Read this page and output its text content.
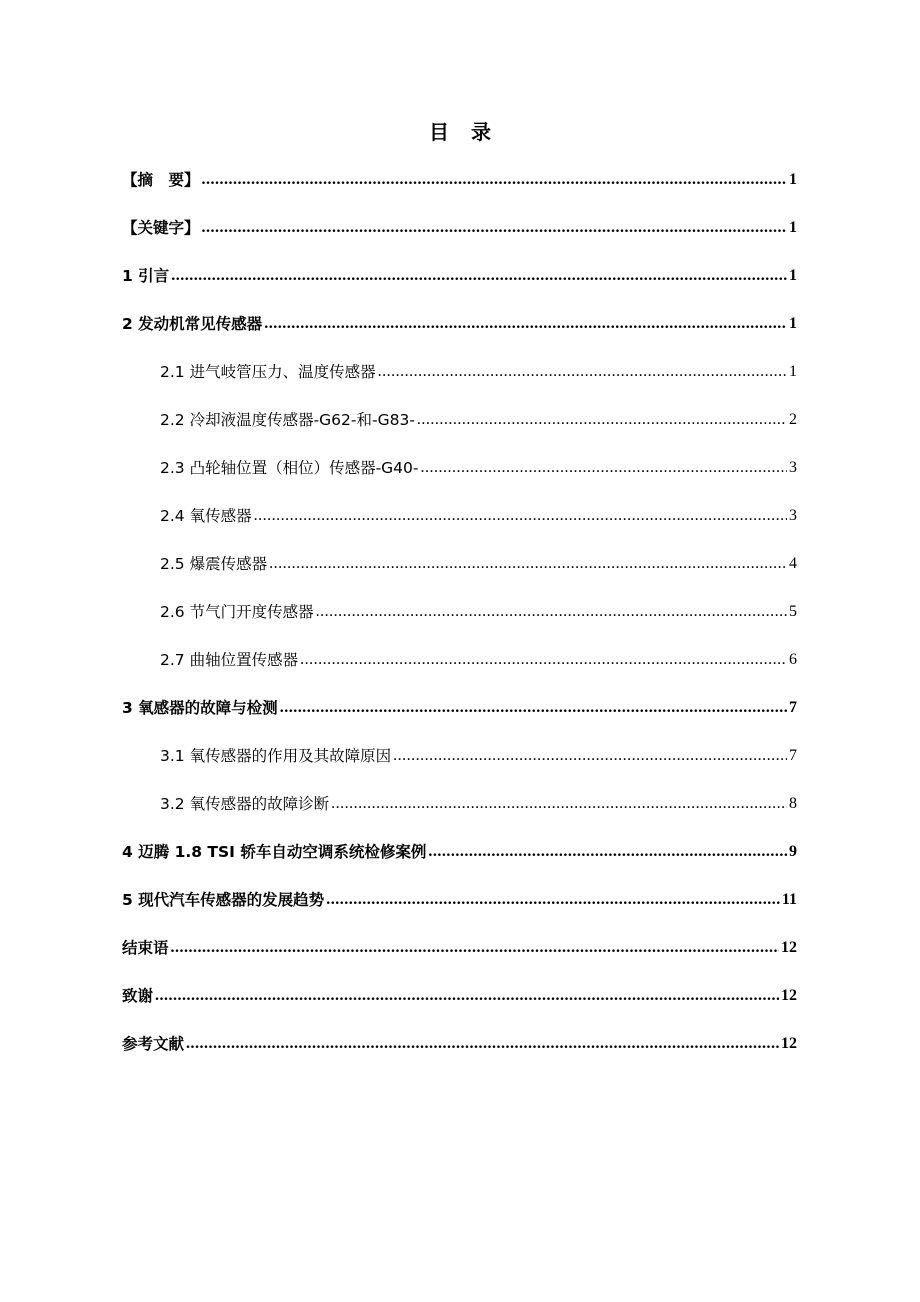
目 录
【摘　要】 .....	1
【关键字】 .....	1
1 引言 .....	1
2 发动机常见传感器 .....	1
2.1 进气岐管压力、温度传感器 .....	1
2.2 冷却液温度传感器-G62-和-G83- .....	2
2.3 凸轮轴位置（相位）传感器-G40- .....	3
2.4 氧传感器 .....	3
2.5 爆震传感器 .....	4
2.6 节气门开度传感器 .....	5
2.7 曲轴位置传感器 .....	6
3 氧感器的故障与检测 .....	7
3.1 氧传感器的作用及其故障原因 .....	7
3.2 氧传感器的故障诊断 .....	8
4 迈腾 1.8 TSI 轿车自动空调系统检修案例 .....	9
5 现代汽车传感器的发展趋势 .....	11
结束语 .....	12
致谢 .....	12
参考文献 .....	12
